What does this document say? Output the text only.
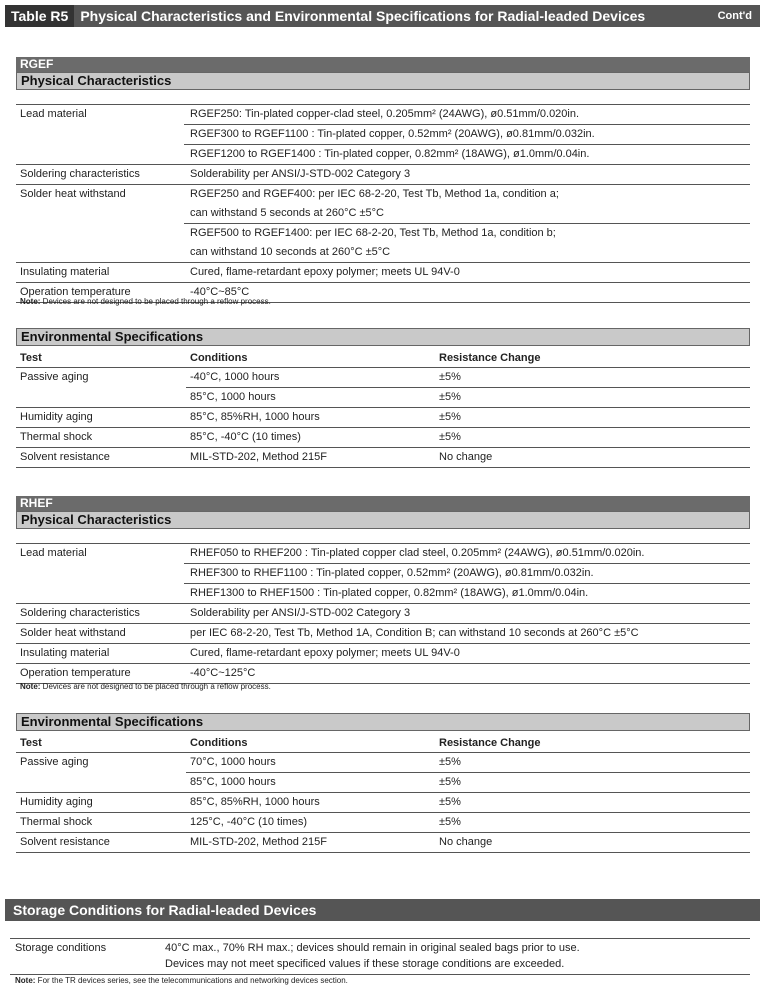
Table R5 Physical Characteristics and Environmental Specifications for Radial-leaded Devices	Cont'd
RGEF
Physical Characteristics
Lead material	RGEF250: Tin-plated copper-clad steel, 0.205mm² (24AWG), ø0.51mm/0.020in.
RGEF300 to RGEF1100 : Tin-plated copper, 0.52mm² (20AWG), ø0.81mm/0.032in.
RGEF1200 to RGEF1400 : Tin-plated copper, 0.82mm² (18AWG), ø1.0mm/0.04in.
Soldering characteristics	Solderability per ANSI/J-STD-002 Category 3
Solder heat withstand	RGEF250 and RGEF400: per IEC 68-2-20, Test Tb, Method 1a, condition a;
can withstand 5 seconds at 260°C ±5°C
RGEF500 to RGEF1400: per IEC 68-2-20, Test Tb, Method 1a, condition b;
can withstand 10 seconds at 260°C ±5°C
Insulating material	Cured, flame-retardant epoxy polymer; meets UL 94V-0
Operation temperature	-40°C~85°C
Note: Devices are not designed to be placed through a reflow process.
Environmental Specifications
Test	Conditions	Resistance Change
Passive aging	-40°C, 1000 hours	±5%
85°C, 1000 hours	±5%
Humidity aging	85°C, 85%RH, 1000 hours	±5%
Thermal shock	85°C, -40°C (10 times)	±5%
Solvent resistance	MIL-STD-202, Method 215F	No change
RHEF
Physical Characteristics
Lead material	RHEF050 to RHEF200 : Tin-plated copper clad steel, 0.205mm² (24AWG), ø0.51mm/0.020in.
RHEF300 to RHEF1100 : Tin-plated copper, 0.52mm² (20AWG), ø0.81mm/0.032in.
RHEF1300 to RHEF1500 : Tin-plated copper, 0.82mm² (18AWG), ø1.0mm/0.04in.
Soldering characteristics	Solderability per ANSI/J-STD-002 Category 3
Solder heat withstand	per IEC 68-2-20, Test Tb, Method 1A, Condition B; can withstand 10 seconds at 260°C ±5°C
Insulating material	Cured, flame-retardant epoxy polymer; meets UL 94V-0
Operation temperature	-40°C~125°C
Note: Devices are not designed to be placed through a reflow process.
Environmental Specifications
Test	Conditions	Resistance Change
Passive aging	70°C, 1000 hours	±5%
85°C, 1000 hours	±5%
Humidity aging	85°C, 85%RH, 1000 hours	±5%
Thermal shock	125°C, -40°C (10 times)	±5%
Solvent resistance	MIL-STD-202, Method 215F	No change
Storage Conditions for Radial-leaded Devices
Storage conditions	40°C max., 70% RH max.; devices should remain in original sealed bags prior to use.
Devices may not meet specificed values if these storage conditions are exceeded.
Note: For the TR devices series, see the telecommunications and networking devices section.
